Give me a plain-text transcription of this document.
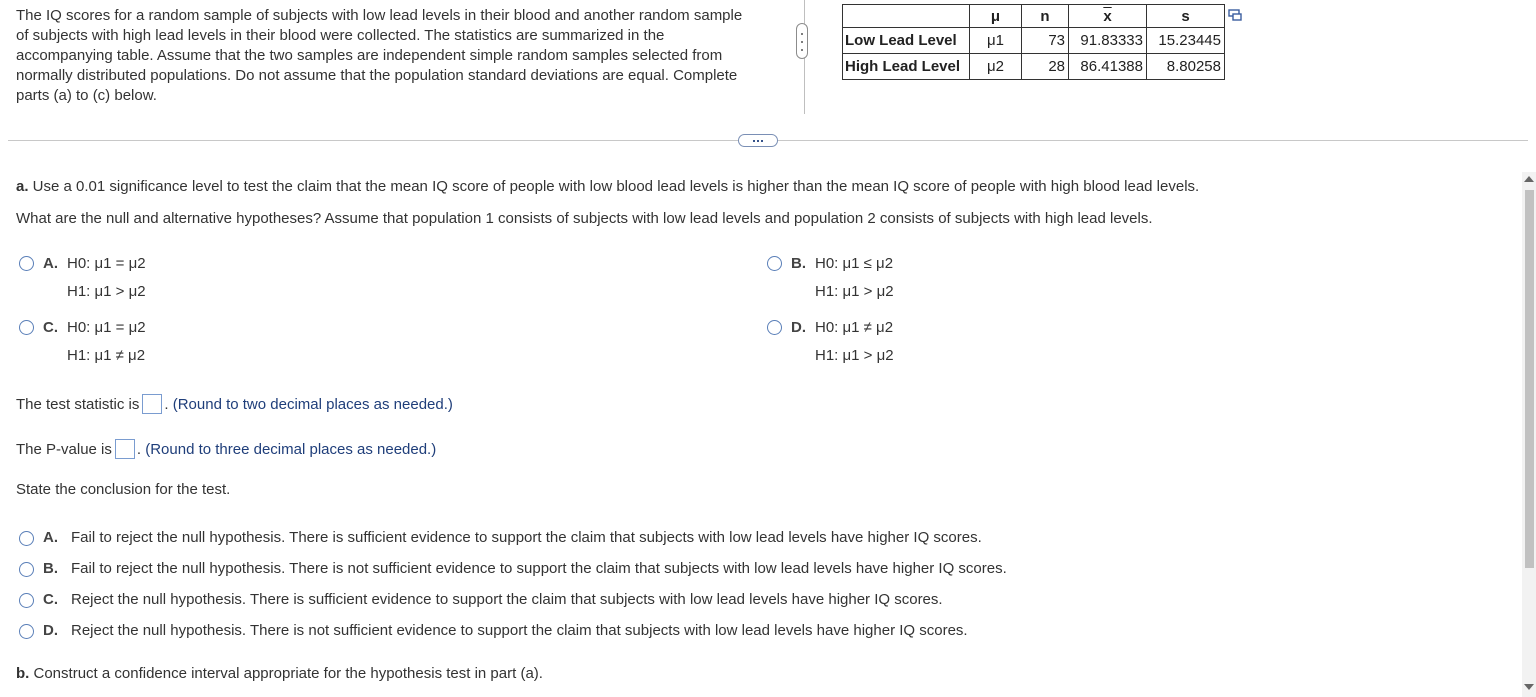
The IQ scores for a random sample of subjects with low lead levels in their blood and another random sample of subjects with high lead levels in their blood were collected. The statistics are summarized in the accompanying table. Assume that the two samples are independent simple random samples selected from normally distributed populations. Do not assume that the population standard deviations are equal. Complete parts (a) to (c) below.
	μ	n	$\overline{x}$	s
Low Lead Level	μ1	73	91.83333	15.23445
High Lead Level	μ2	28	86.41388	8.80258
a. Use a 0.01 significance level to test the claim that the mean IQ score of people with low blood lead levels is higher than the mean IQ score of people with high blood lead levels.
What are the null and alternative hypotheses? Assume that population 1 consists of subjects with low lead levels and population 2 consists of subjects with high lead levels.
A. H0: μ1 = μ2
H1: μ1 > μ2
B. H0: μ1 ≤ μ2
H1: μ1 > μ2
C. H0: μ1 = μ2
H1: μ1 ≠ μ2
D. H0: μ1 ≠ μ2
H1: μ1 > μ2
The test statistic is . (Round to two decimal places as needed.)
The P-value is . (Round to three decimal places as needed.)
State the conclusion for the test.
A. Fail to reject the null hypothesis. There is sufficient evidence to support the claim that subjects with low lead levels have higher IQ scores.
B. Fail to reject the null hypothesis. There is not sufficient evidence to support the claim that subjects with low lead levels have higher IQ scores.
C. Reject the null hypothesis. There is sufficient evidence to support the claim that subjects with low lead levels have higher IQ scores.
D. Reject the null hypothesis. There is not sufficient evidence to support the claim that subjects with low lead levels have higher IQ scores.
b. Construct a confidence interval appropriate for the hypothesis test in part (a).
